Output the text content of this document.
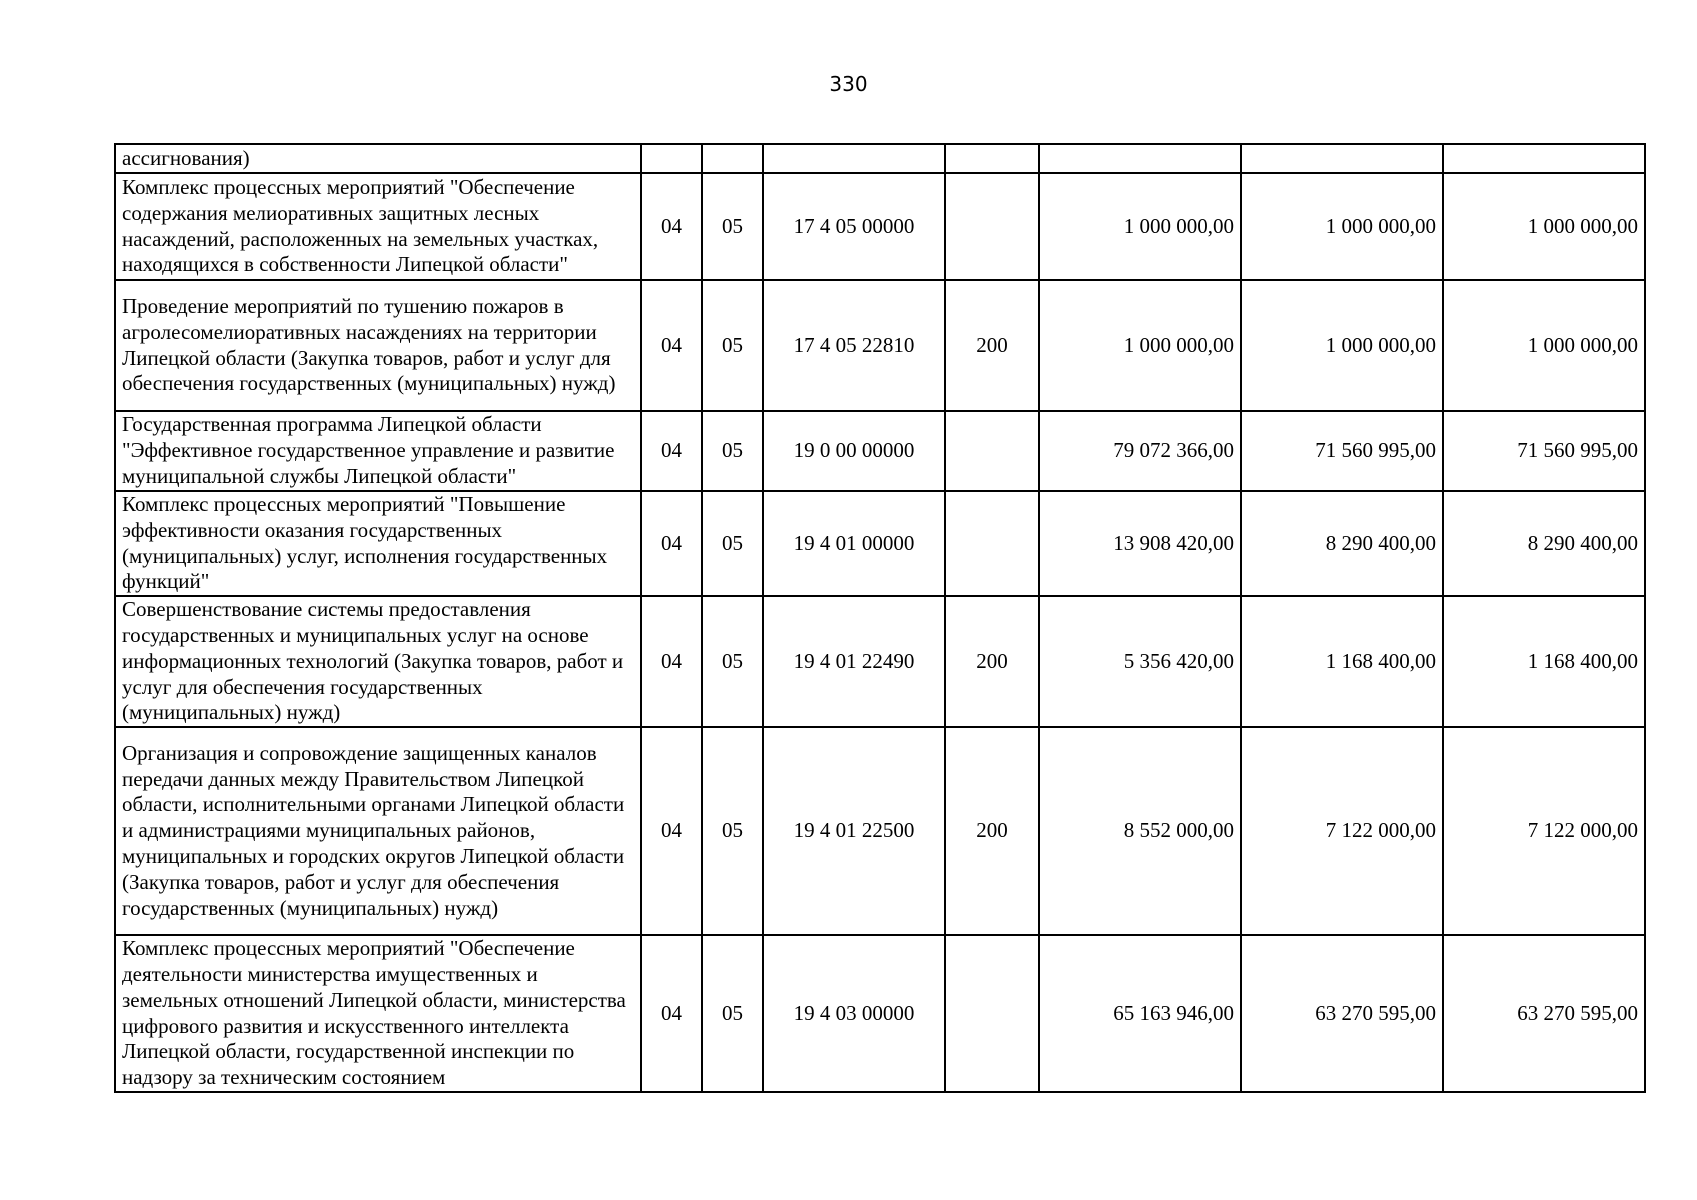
330
ассигнования)							
Комплекс процессных мероприятий "Обеспечение содержания мелиоративных защитных лесных насаждений, расположенных на земельных участках, находящихся в собственности Липецкой области"	04	05	17 4 05 00000		1 000 000,00	1 000 000,00	1 000 000,00
Проведение мероприятий по тушению пожаров в агролесомелиоративных насаждениях на территории Липецкой области (Закупка товаров, работ и услуг для обеспечения государственных (муниципальных) нужд)	04	05	17 4 05 22810	200	1 000 000,00	1 000 000,00	1 000 000,00
Государственная программа Липецкой области "Эффективное государственное управление и развитие муниципальной службы Липецкой области"	04	05	19 0 00 00000		79 072 366,00	71 560 995,00	71 560 995,00
Комплекс процессных мероприятий "Повышение эффективности оказания государственных (муниципальных) услуг, исполнения государственных функций"	04	05	19 4 01 00000		13 908 420,00	8 290 400,00	8 290 400,00
Совершенствование системы предоставления государственных и муниципальных услуг на основе информационных технологий (Закупка товаров, работ и услуг для обеспечения государственных (муниципальных) нужд)	04	05	19 4 01 22490	200	5 356 420,00	1 168 400,00	1 168 400,00
Организация и сопровождение защищенных каналов передачи данных между Правительством Липецкой области, исполнительными органами Липецкой области и администрациями муниципальных районов, муниципальных и городских округов Липецкой области (Закупка товаров, работ и услуг для обеспечения государственных (муниципальных) нужд)	04	05	19 4 01 22500	200	8 552 000,00	7 122 000,00	7 122 000,00
Комплекс процессных мероприятий "Обеспечение деятельности министерства имущественных и земельных отношений Липецкой области, министерства цифрового развития и искусственного интеллекта Липецкой области, государственной инспекции по надзору за техническим состоянием	04	05	19 4 03 00000		65 163 946,00	63 270 595,00	63 270 595,00
